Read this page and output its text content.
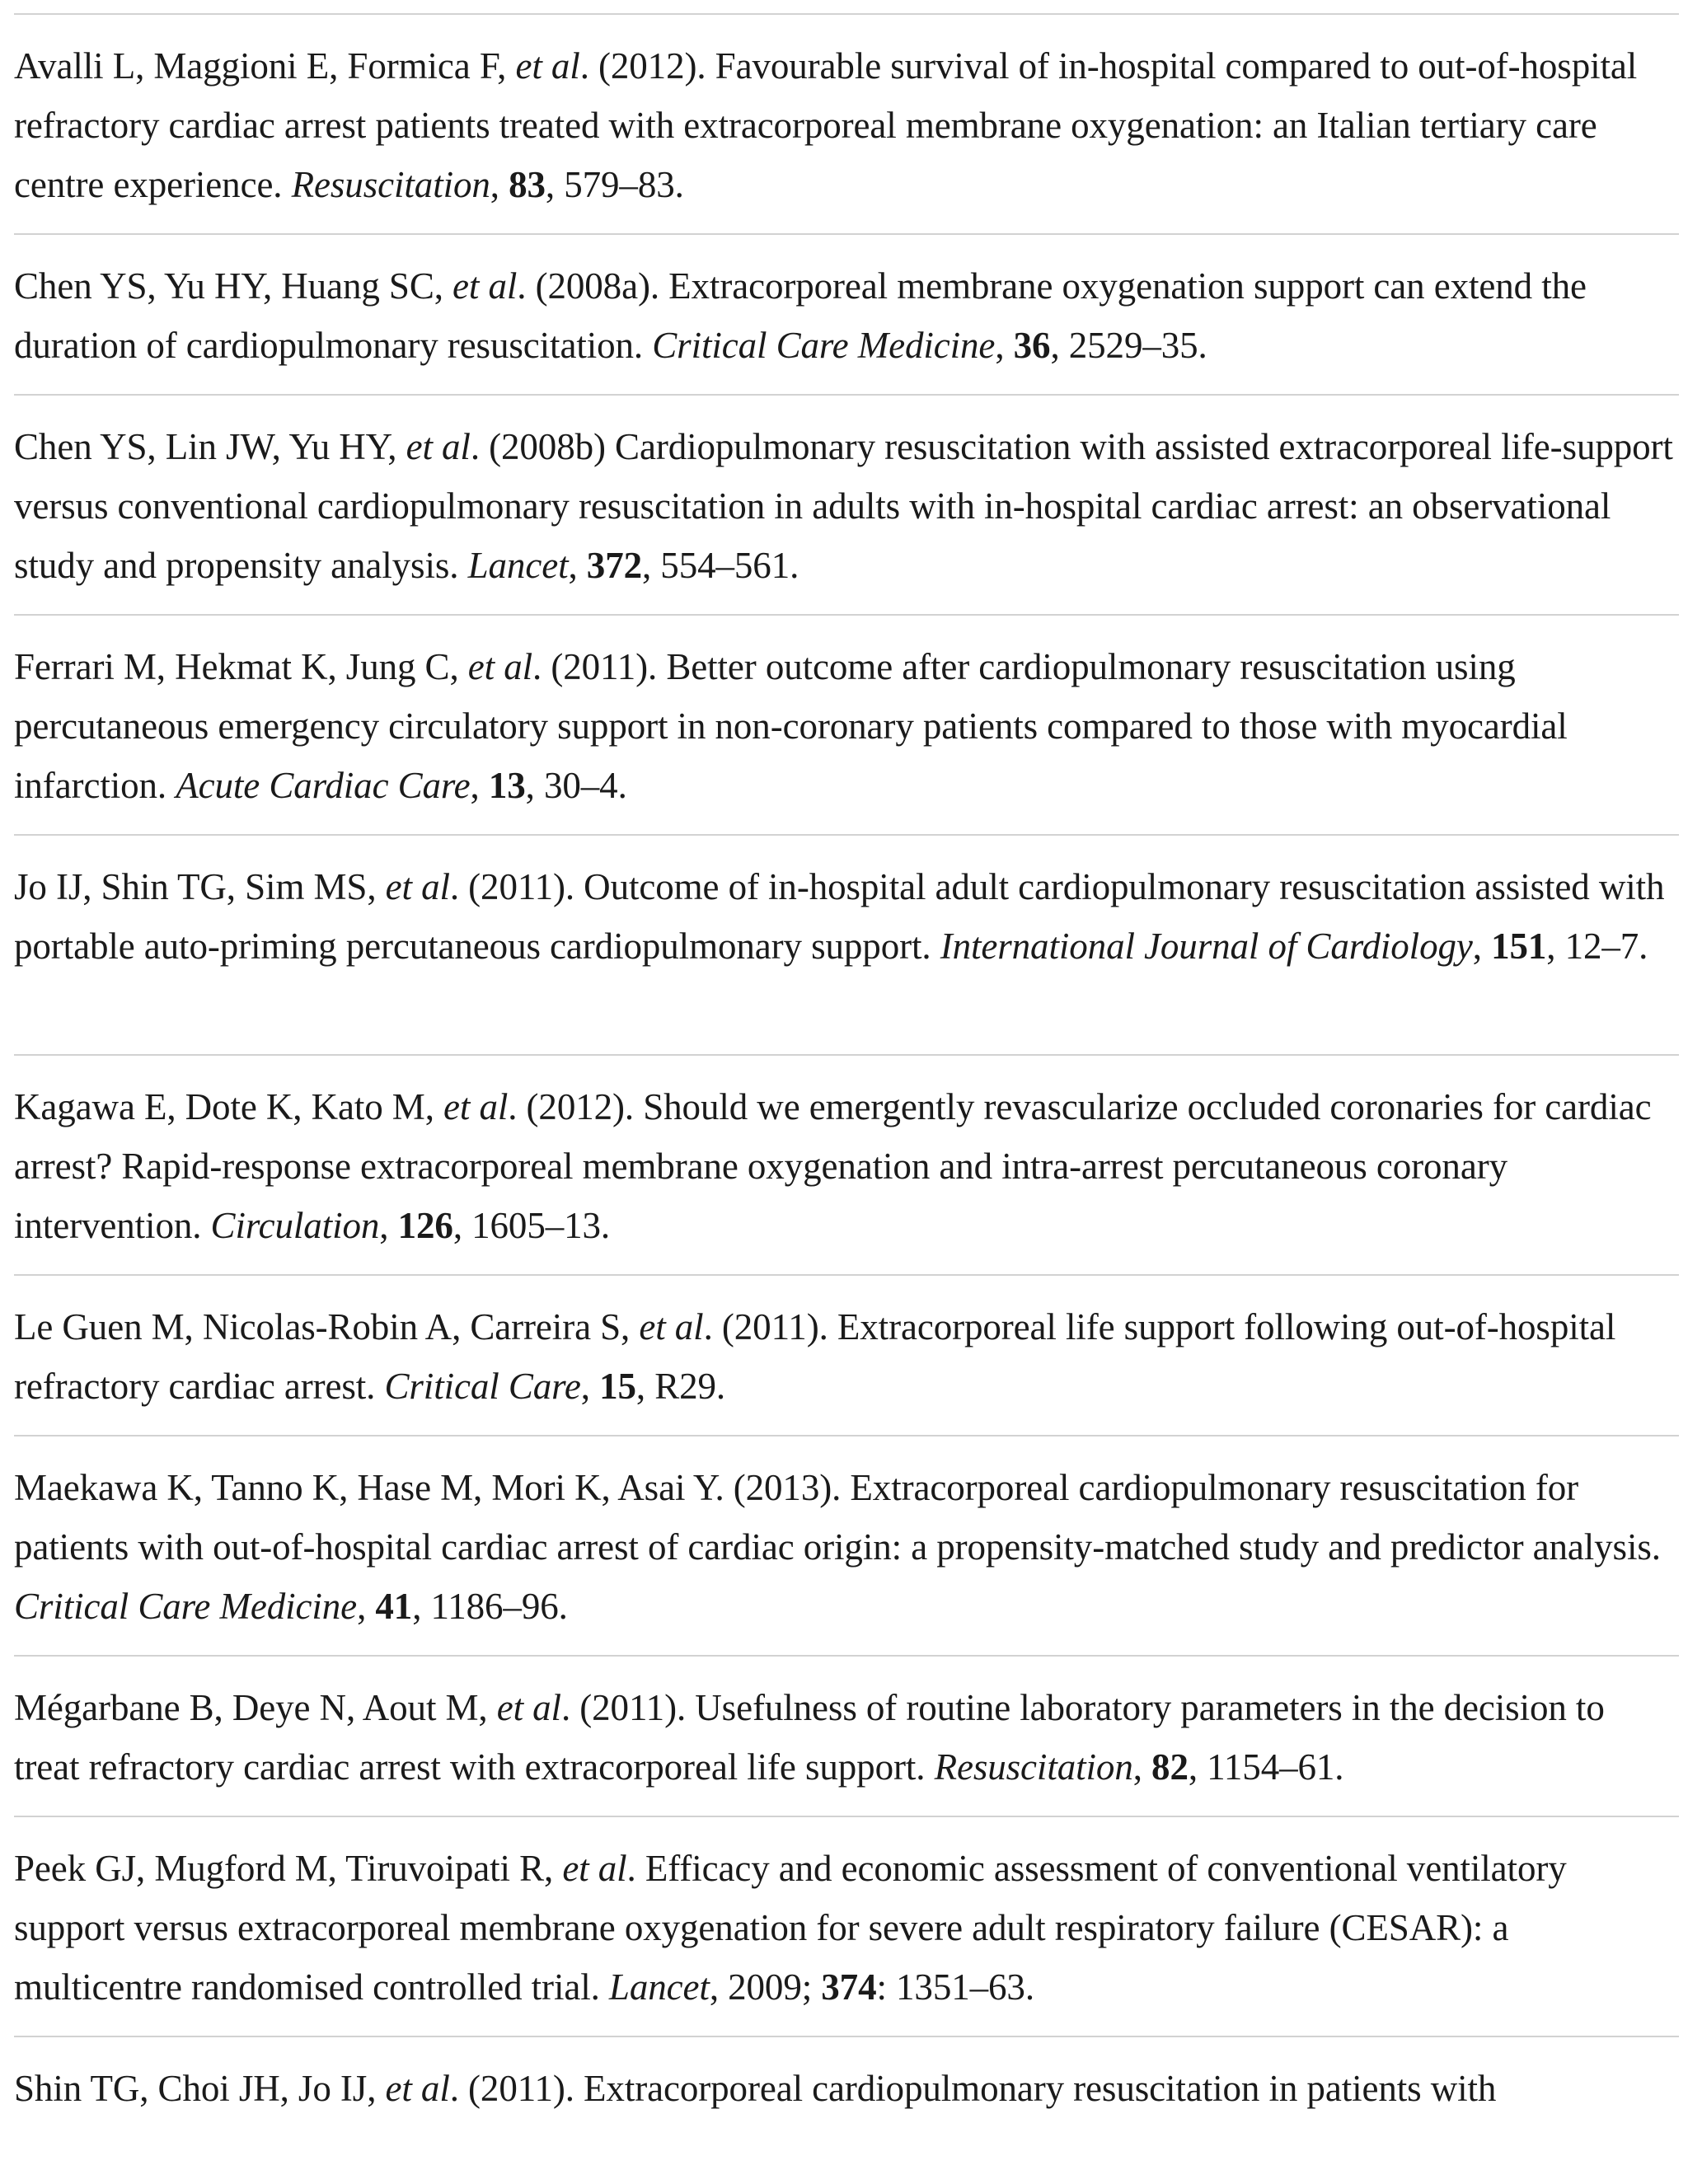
Avalli L, Maggioni E, Formica F, et al. (2012). Favourable survival of in-hospital compared to out-of-hospital refractory cardiac arrest patients treated with extracorporeal membrane oxygenation: an Italian tertiary care centre experience. Resuscitation, 83, 579–83.
Chen YS, Yu HY, Huang SC, et al. (2008a). Extracorporeal membrane oxygenation support can extend the duration of cardiopulmonary resuscitation. Critical Care Medicine, 36, 2529–35.
Chen YS, Lin JW, Yu HY, et al. (2008b) Cardiopulmonary resuscitation with assisted extracorporeal life-support versus conventional cardiopulmonary resuscitation in adults with in-hospital cardiac arrest: an observational study and propensity analysis. Lancet, 372, 554–561.
Ferrari M, Hekmat K, Jung C, et al. (2011). Better outcome after cardiopulmonary resuscitation using percutaneous emergency circulatory support in non-coronary patients compared to those with myocardial infarction. Acute Cardiac Care, 13, 30–4.
Jo IJ, Shin TG, Sim MS, et al. (2011). Outcome of in-hospital adult cardiopulmonary resuscitation assisted with portable auto-priming percutaneous cardiopulmonary support. International Journal of Cardiology, 151, 12–7.
Kagawa E, Dote K, Kato M, et al. (2012). Should we emergently revascularize occluded coronaries for cardiac arrest? Rapid-response extracorporeal membrane oxygenation and intra-arrest percutaneous coronary intervention. Circulation, 126, 1605–13.
Le Guen M, Nicolas-Robin A, Carreira S, et al. (2011). Extracorporeal life support following out-of-hospital refractory cardiac arrest. Critical Care, 15, R29.
Maekawa K, Tanno K, Hase M, Mori K, Asai Y. (2013). Extracorporeal cardiopulmonary resuscitation for patients with out-of-hospital cardiac arrest of cardiac origin: a propensity-matched study and predictor analysis. Critical Care Medicine, 41, 1186–96.
Mégarbane B, Deye N, Aout M, et al. (2011). Usefulness of routine laboratory parameters in the decision to treat refractory cardiac arrest with extracorporeal life support. Resuscitation, 82, 1154–61.
Peek GJ, Mugford M, Tiruvoipati R, et al. Efficacy and economic assessment of conventional ventilatory support versus extracorporeal membrane oxygenation for severe adult respiratory failure (CESAR): a multicentre randomised controlled trial. Lancet, 2009; 374: 1351–63.
Shin TG, Choi JH, Jo IJ, et al. (2011). Extracorporeal cardiopulmonary resuscitation in patients with
